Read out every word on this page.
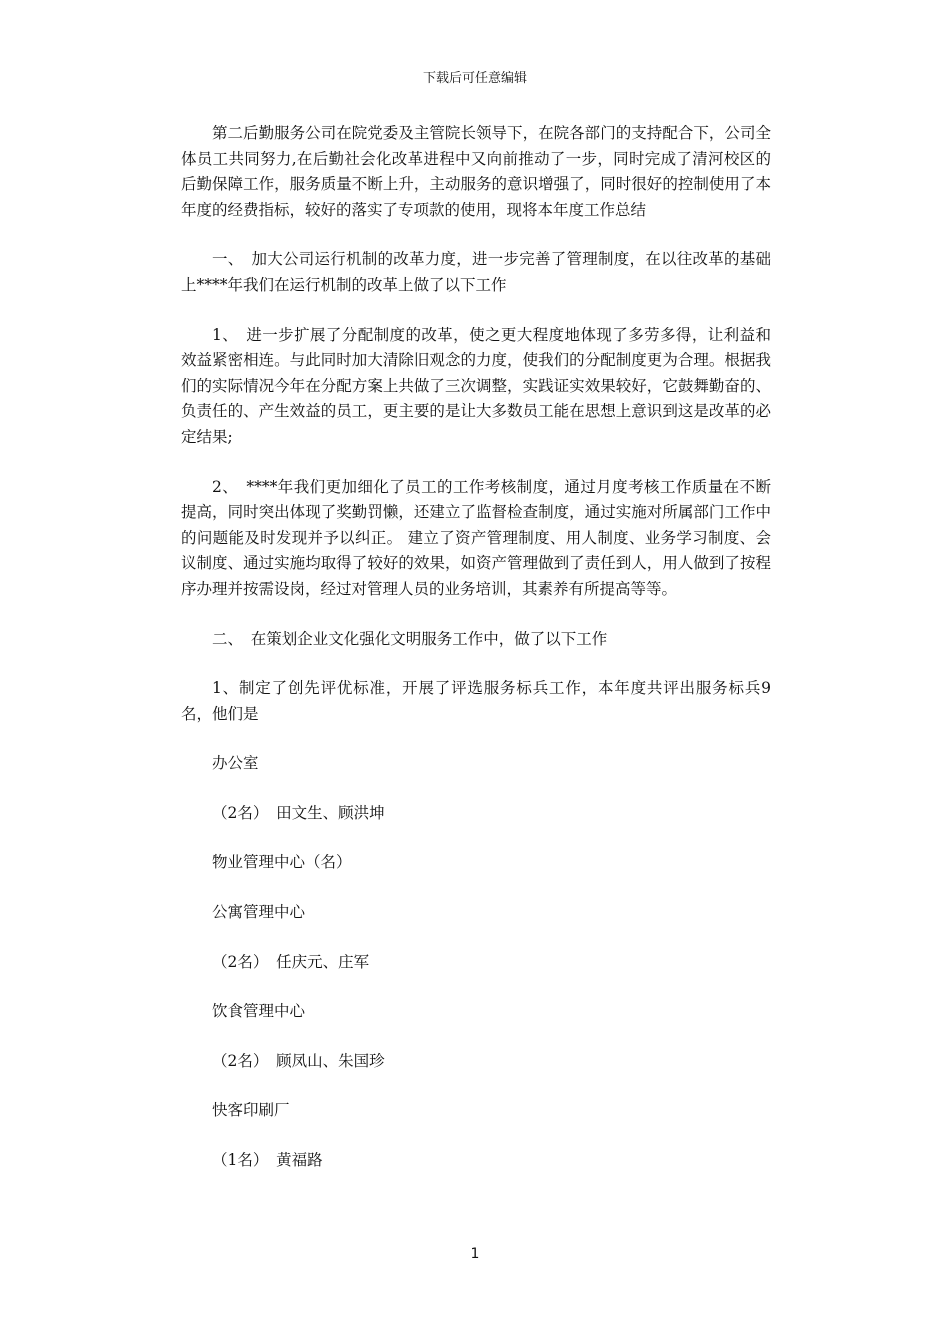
下载后可任意编辑

第二后勤服务公司在院党委及主管院长领导下，在院各部门的支持配合下，公司全体员工共同努力,在后勤社会化改革进程中又向前推动了一步，同时完成了清河校区的后勤保障工作，服务质量不断上升，主动服务的意识增强了，同时很好的控制使用了本年度的经费指标，较好的落实了专项款的使用，现将本年度工作总结

一、　加大公司运行机制的改革力度，进一步完善了管理制度，在以往改革的基础上****年我们在运行机制的改革上做了以下工作

1、　进一步扩展了分配制度的改革，使之更大程度地体现了多劳多得，让利益和效益紧密相连。与此同时加大清除旧观念的力度，使我们的分配制度更为合理。根据我们的实际情况今年在分配方案上共做了三次调整，实践证实效果较好，它鼓舞勤奋的、负责任的、产生效益的员工，更主要的是让大多数员工能在思想上意识到这是改革的必定结果;

2、　****年我们更加细化了员工的工作考核制度，通过月度考核工作质量在不断提高，同时突出体现了奖勤罚懒，还建立了监督检查制度，通过实施对所属部门工作中的问题能及时发现并予以纠正。 建立了资产管理制度、用人制度、业务学习制度、会议制度、通过实施均取得了较好的效果，如资产管理做到了责任到人，用人做到了按程序办理并按需设岗，经过对管理人员的业务培训，其素养有所提高等等。

二、　在策划企业文化强化文明服务工作中，做了以下工作

1、制定了创先评优标准，开展了评选服务标兵工作，本年度共评出服务标兵9名，他们是

办公室

（2名）　田文生、顾洪坤

物业管理中心（名）

公寓管理中心

（2名）　任庆元、庄军

饮食管理中心

（2名）　顾凤山、朱国珍

快客印刷厂

（1名）　黄福路

1
